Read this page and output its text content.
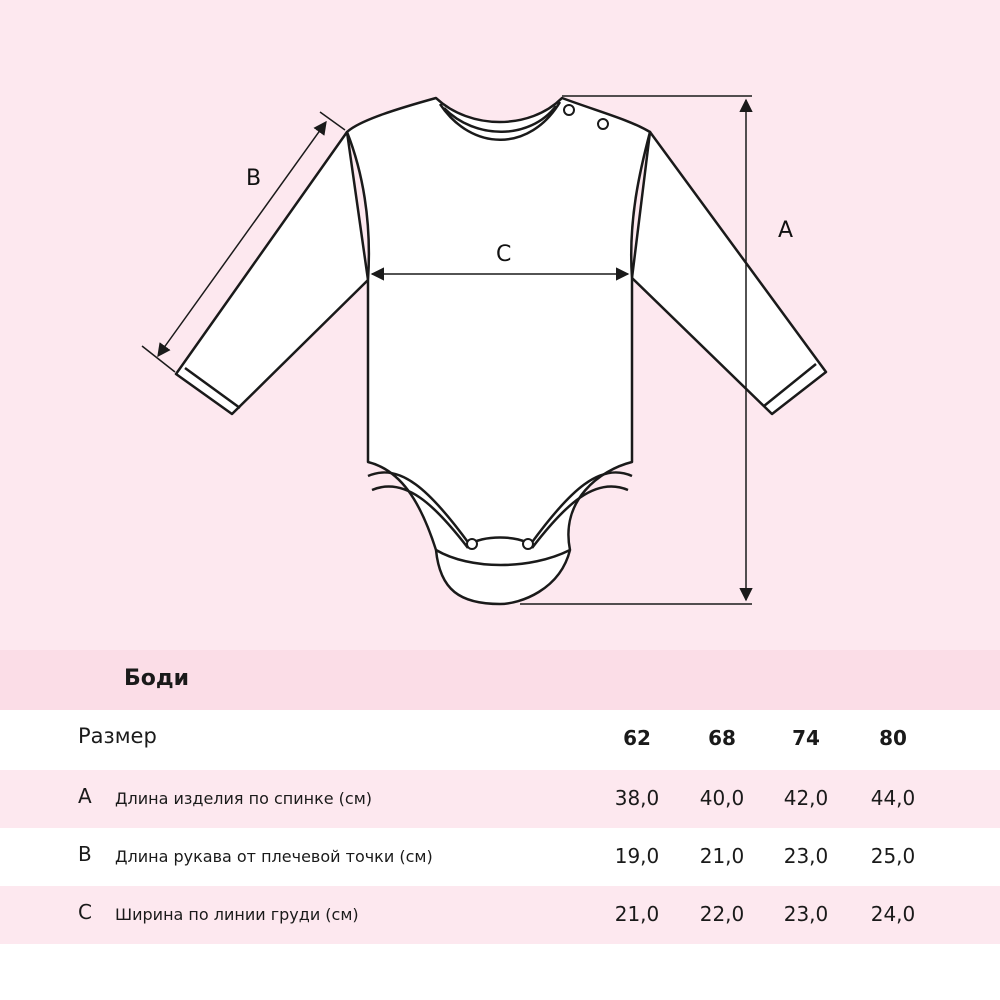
A
B
C
Боди
Размер	62	68	74	80
A Длина изделия по спинке (см)	38,0	40,0	42,0	44,0
B Длина рукава от плечевой точки (см)	19,0	21,0	23,0	25,0
C Ширина по линии груди (см)	21,0	22,0	23,0	24,0
